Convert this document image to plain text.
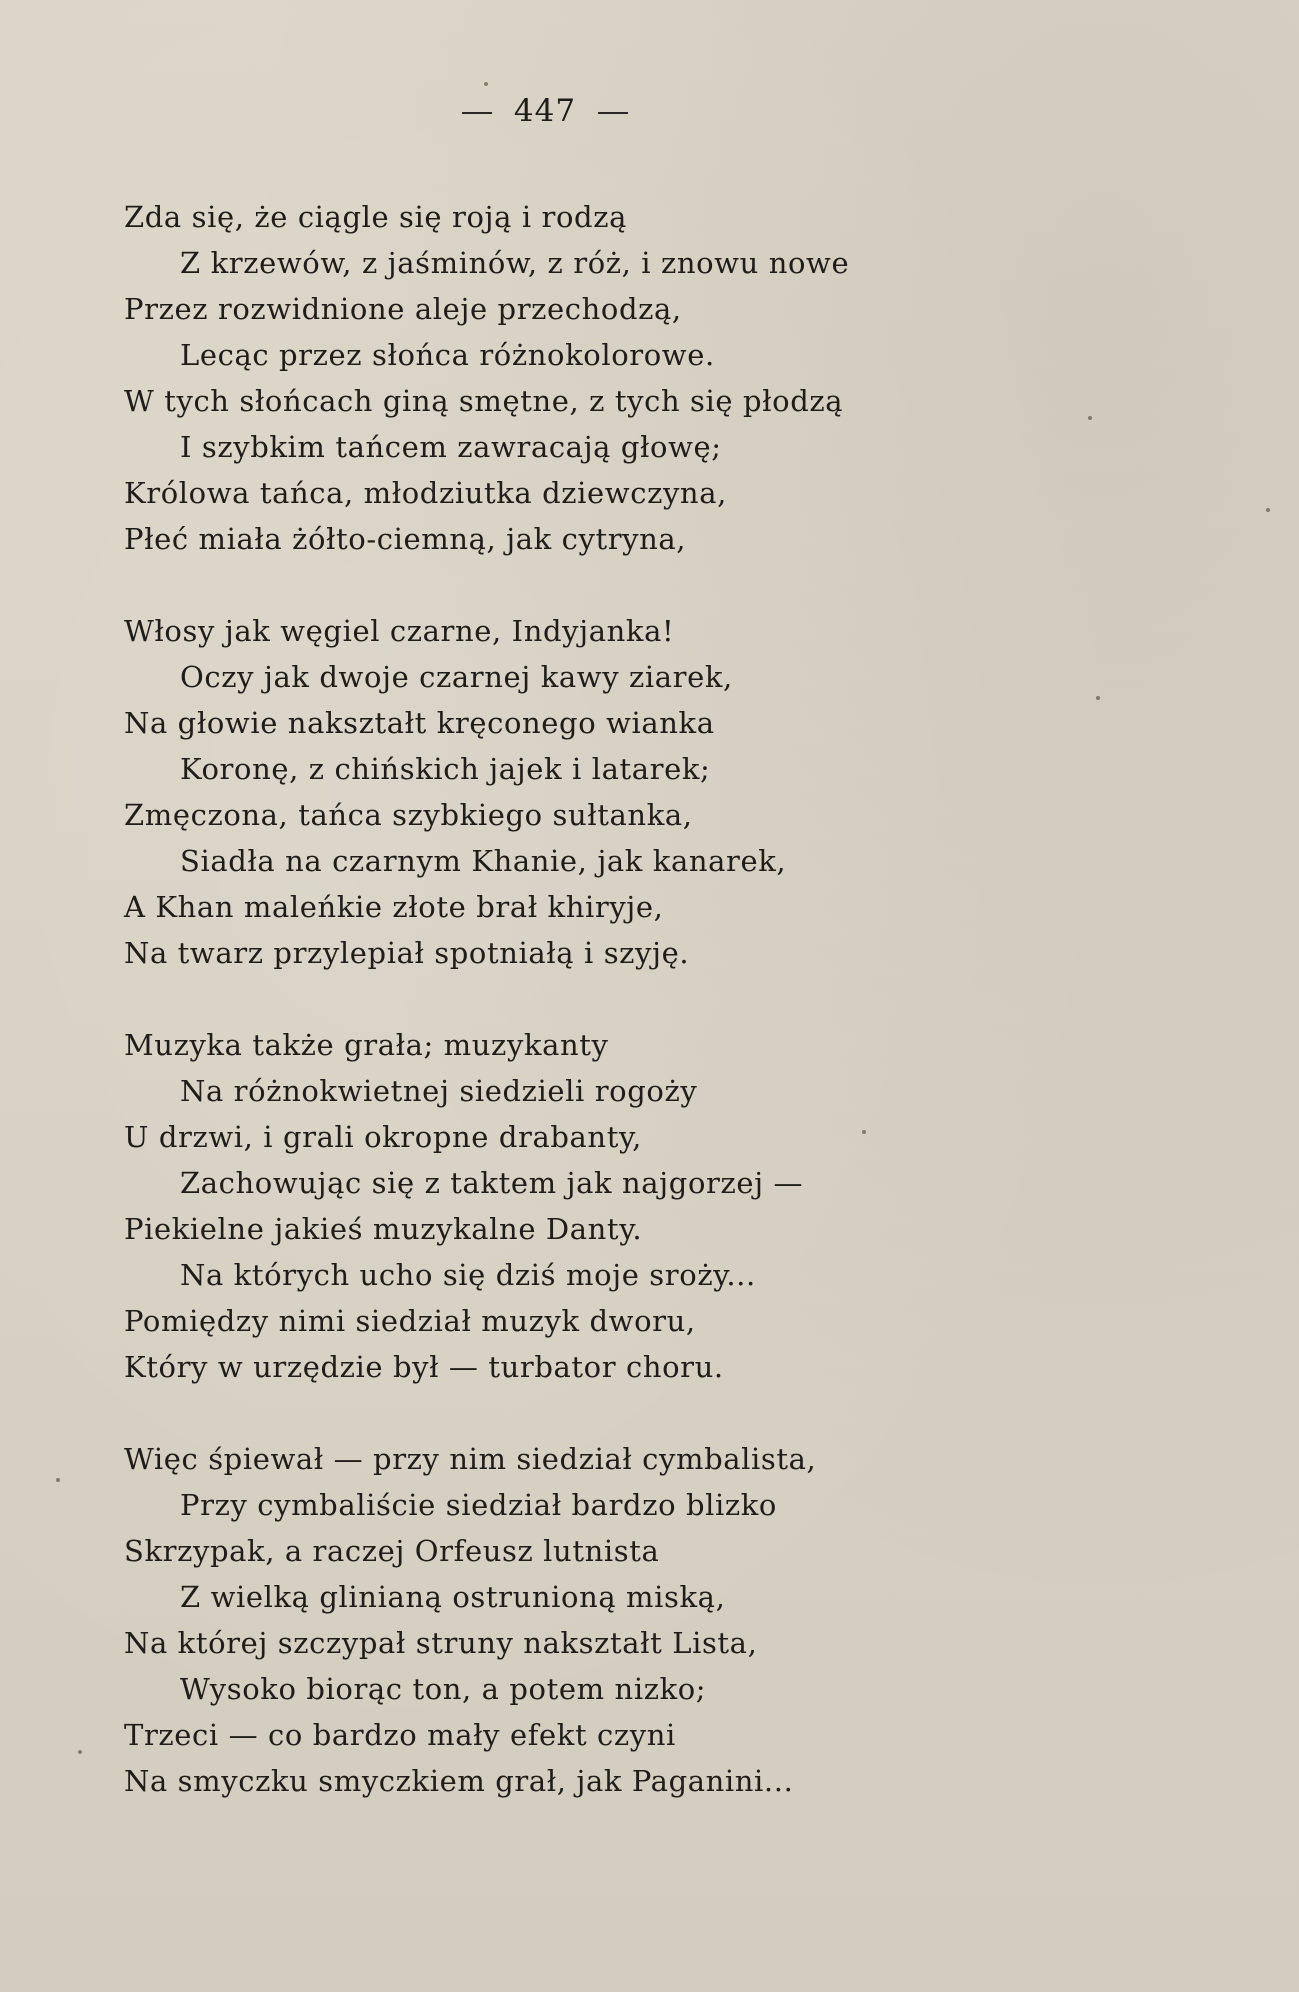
447
Zda się, że ciągle się roją i rodzą
Z krzewów, z jaśminów, z róż, i znowu nowe
Przez rozwidnione aleje przechodzą,
Lecąc przez słońca różnokolorowe.
W tych słońcach giną smętne, z tych się płodzą
I szybkim tańcem zawracają głowę;
Królowa tańca, młodziutka dziewczyna,
Płeć miała żółto-ciemną, jak cytryna,
Włosy jak węgiel czarne, Indyjanka!
Oczy jak dwoje czarnej kawy ziarek,
Na głowie nakształt kręconego wianka
Koronę, z chińskich jajek i latarek;
Zmęczona, tańca szybkiego sułtanka,
Siadła na czarnym Khanie, jak kanarek,
A Khan maleńkie złote brał khiryje,
Na twarz przylepiał spotniałą i szyję.
Muzyka także grała; muzykanty
Na różnokwietnej siedzieli rogoży
U drzwi, i grali okropne drabanty,
Zachowując się z taktem jak najgorzej —
Piekielne jakieś muzykalne Danty.
Na których ucho się dziś moje sroży...
Pomiędzy nimi siedział muzyk dworu,
Który w urzędzie był — turbator choru.
Więc śpiewał — przy nim siedział cymbalista,
Przy cymbaliście siedział bardzo blizko
Skrzypak, a raczej Orfeusz lutnista
Z wielką glinianą ostrunioną miską,
Na której szczypał struny nakształt Lista,
Wysoko biorąc ton, a potem nizko;
Trzeci — co bardzo mały efekt czyni
Na smyczku smyczkiem grał, jak Paganini...
